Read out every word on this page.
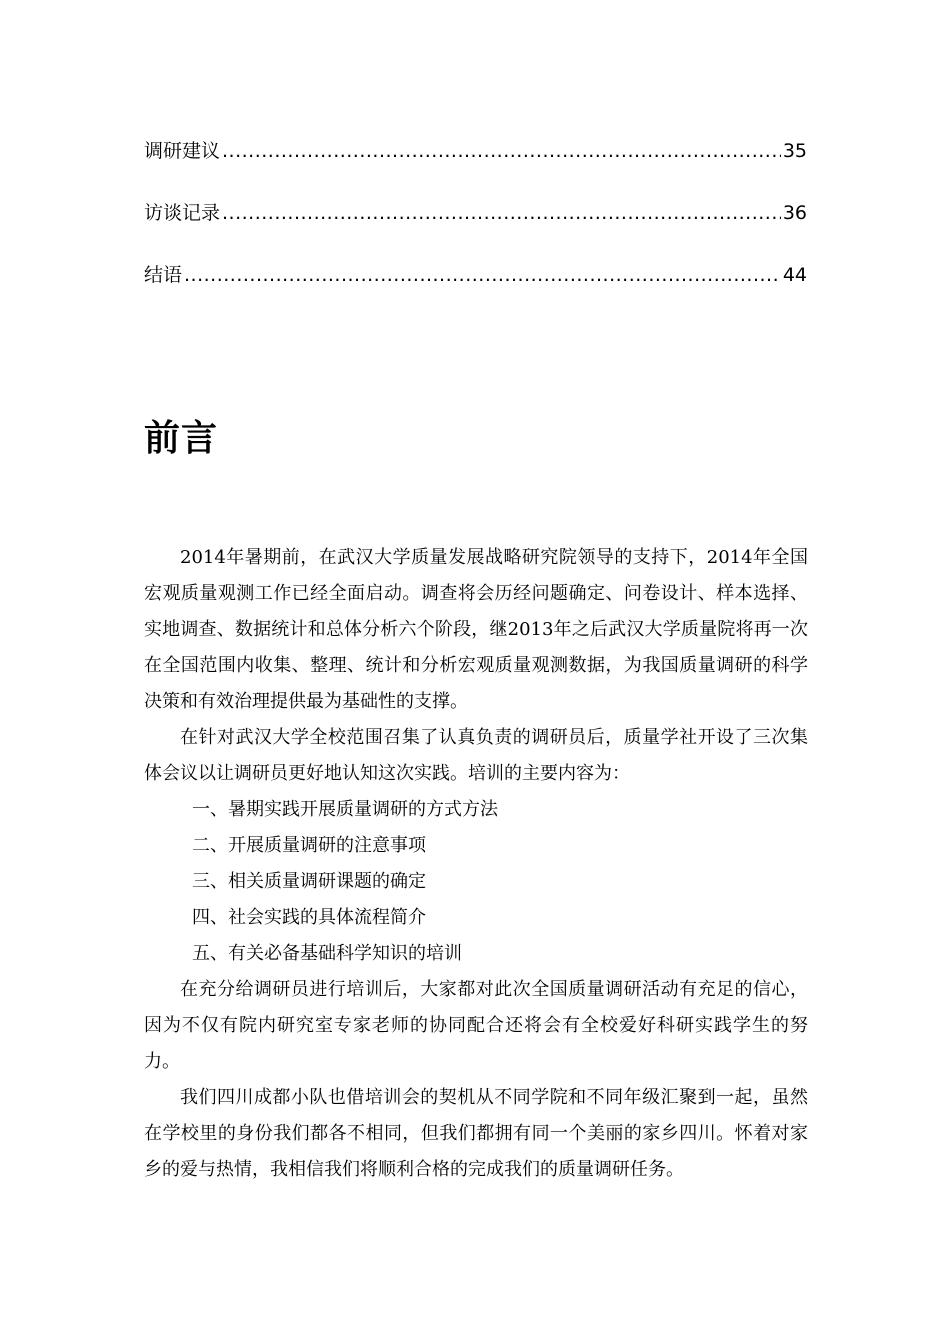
调研建议 .....	35
访谈记录 .....	36
结语 .....	44
前言

2014年暑期前，在武汉大学质量发展战略研究院领导的支持下，2014年全国宏观质量观测工作已经全面启动。调查将会历经问题确定、问卷设计、样本选择、实地调查、数据统计和总体分析六个阶段，继2013年之后武汉大学质量院将再一次在全国范围内收集、整理、统计和分析宏观质量观测数据，为我国质量调研的科学决策和有效治理提供最为基础性的支撑。

在针对武汉大学全校范围召集了认真负责的调研员后，质量学社开设了三次集体会议以让调研员更好地认知这次实践。培训的主要内容为：

一、暑期实践开展质量调研的方式方法

二、开展质量调研的注意事项

三、相关质量调研课题的确定

四、社会实践的具体流程简介

五、有关必备基础科学知识的培训

在充分给调研员进行培训后，大家都对此次全国质量调研活动有充足的信心，因为不仅有院内研究室专家老师的协同配合还将会有全校爱好科研实践学生的努力。

我们四川成都小队也借培训会的契机从不同学院和不同年级汇聚到一起，虽然在学校里的身份我们都各不相同，但我们都拥有同一个美丽的家乡四川。怀着对家乡的爱与热情，我相信我们将顺利合格的完成我们的质量调研任务。
